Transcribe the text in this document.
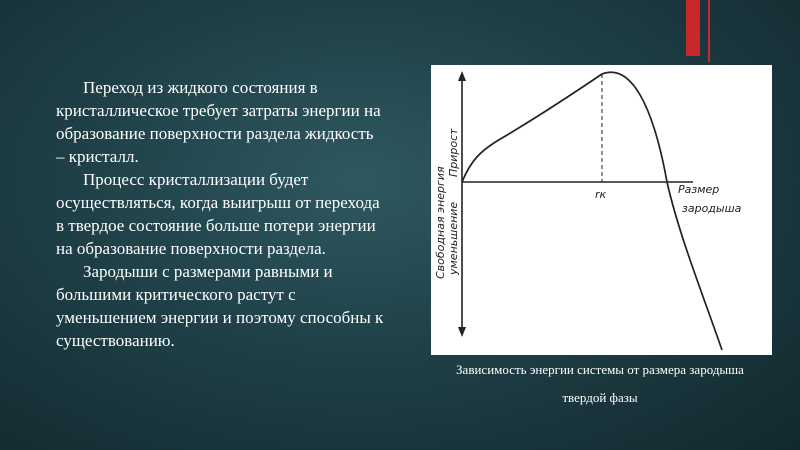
Переход из жидкого состояния в кристаллическое требует затраты энергии на образование поверхности раздела жидкость – кристалл.

Процесс кристаллизации будет осуществляться, когда выигрыш от перехода в твердое состояние больше потери энергии на образование поверхности раздела.

Зародыши с размерами равными и большими критического растут с уменьшением энергии и поэтому способны к существованию.

Свободная энергия
Прирост
уменьшение
rк	Размер
зародыша
Зависимость энергии системы от размера зародыша
твердой фазы
